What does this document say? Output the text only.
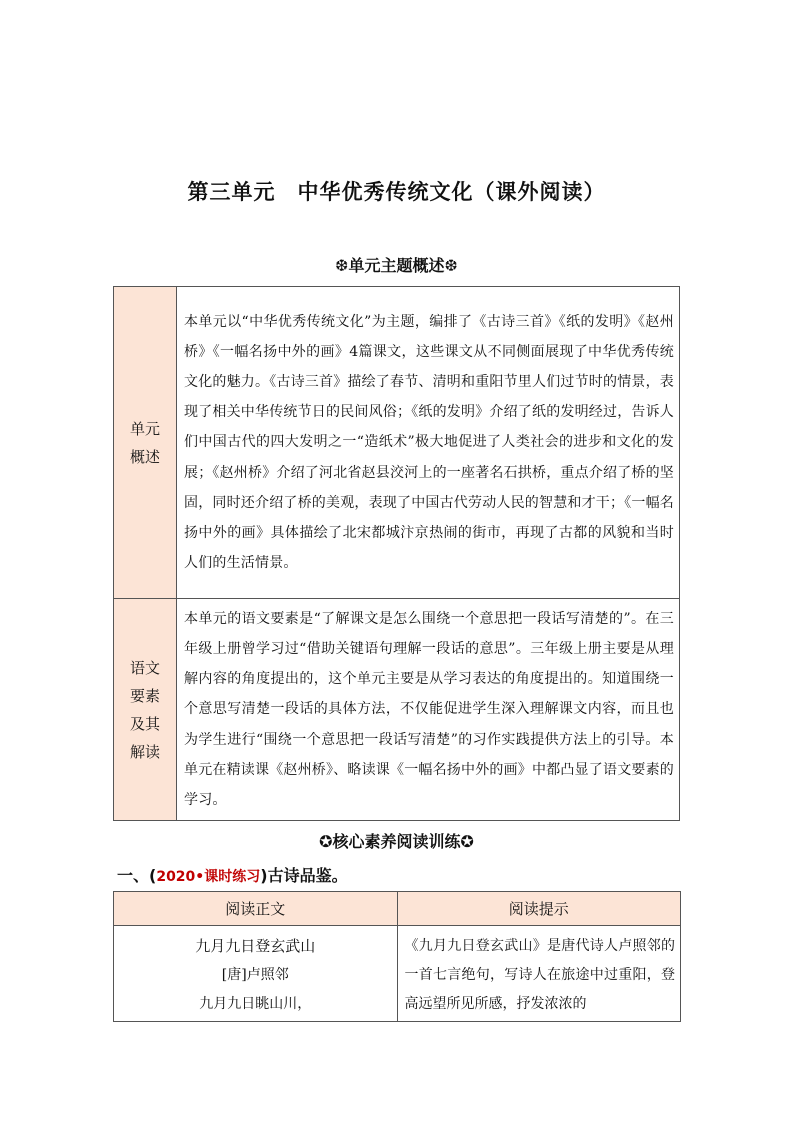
第三单元　中华优秀传统文化（课外阅读）
❆单元主题概述❆
单元概述	本单元以“中华优秀传统文化”为主题，编排了《古诗三首》《纸的发明》《赵州桥》《一幅名扬中外的画》4篇课文，这些课文从不同侧面展现了中华优秀传统文化的魅力。《古诗三首》描绘了春节、清明和重阳节里人们过节时的情景，表现了相关中华传统节日的民间风俗；《纸的发明》介绍了纸的发明经过，告诉人们中国古代的四大发明之一“造纸术”极大地促进了人类社会的进步和文化的发展；《赵州桥》介绍了河北省赵县洨河上的一座著名石拱桥，重点介绍了桥的坚固，同时还介绍了桥的美观，表现了中国古代劳动人民的智慧和才干；《一幅名扬中外的画》具体描绘了北宋都城汴京热闹的街市，再现了古都的风貌和当时人们的生活情景。

语文要素及其解读	本单元的语文要素是“了解课文是怎么围绕一个意思把一段话写清楚的”。在三年级上册曾学习过“借助关键语句理解一段话的意思”。三年级上册主要是从理解内容的角度提出的，这个单元主要是从学习表达的角度提出的。知道围绕一个意思写清楚一段话的具体方法，不仅能促进学生深入理解课文内容，而且也为学生进行“围绕一个意思把一段话写清楚”的习作实践提供方法上的引导。本单元在精读课《赵州桥》、略读课《一幅名扬中外的画》中都凸显了语文要素的学习。
✪核心素养阅读训练✪
一、(2020•课时练习)古诗品鉴。
阅读正文	阅读提示

九月九日登玄武山
[唐]卢照邻
九月九日眺山川，	《九月九日登玄武山》是唐代诗人卢照邻的一首七言绝句，写诗人在旅途中过重阳，登高远望所见所感，抒发浓浓的
